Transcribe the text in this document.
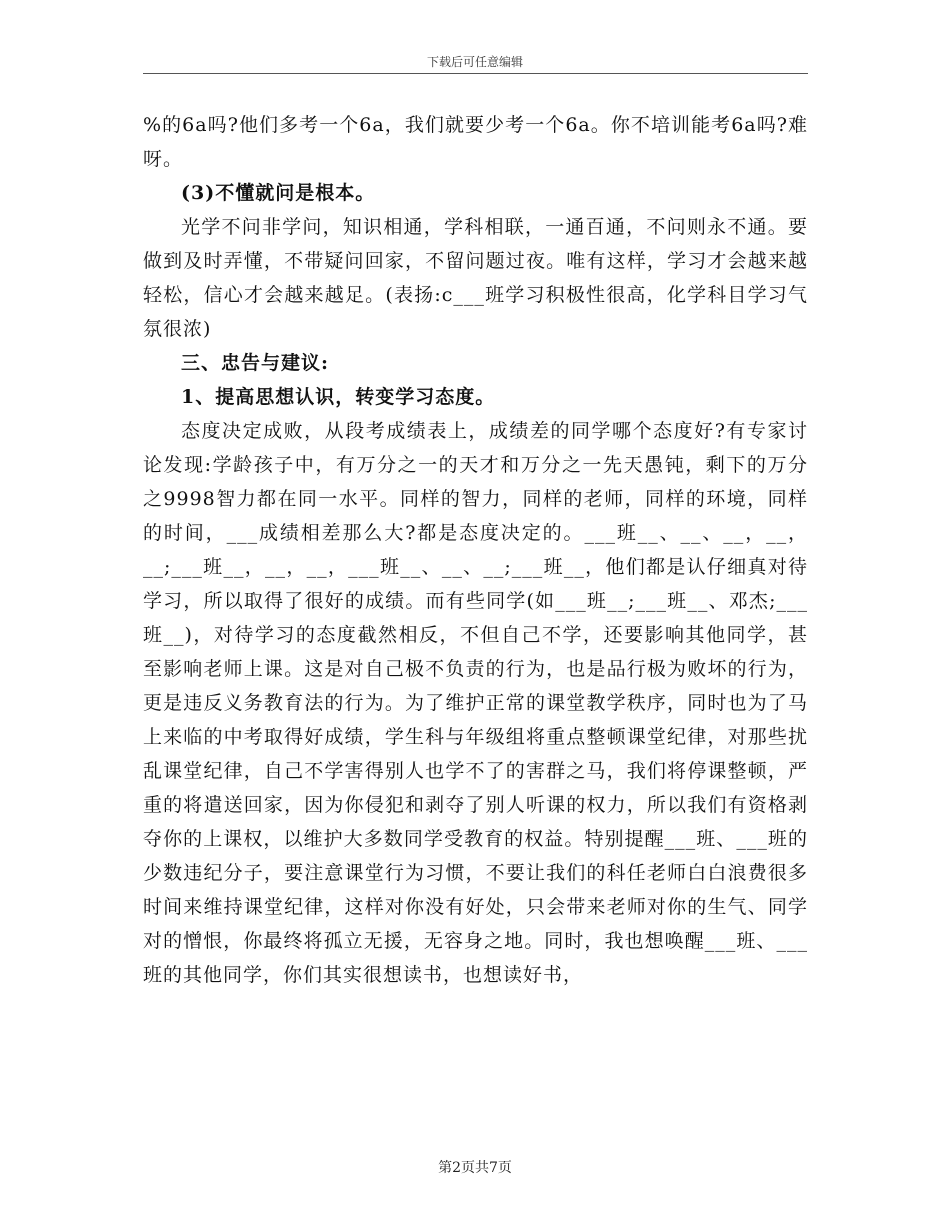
下载后可任意编辑

%的6a吗?他们多考一个6a，我们就要少考一个6a。你不培训能考6a吗?难呀。

(3)不懂就问是根本。

光学不问非学问，知识相通，学科相联，一通百通，不问则永不通。要做到及时弄懂，不带疑问回家，不留问题过夜。唯有这样，学习才会越来越轻松，信心才会越来越足。(表扬:c___班学习积极性很高，化学科目学习气氛很浓)

三、忠告与建议:

1、提高思想认识，转变学习态度。

态度决定成败，从段考成绩表上，成绩差的同学哪个态度好?有专家讨论发现:学龄孩子中，有万分之一的天才和万分之一先天愚钝，剩下的万分之9998智力都在同一水平。同样的智力，同样的老师，同样的环境，同样的时间，___成绩相差那么大?都是态度决定的。___班__、__、__，__，__;___班__，__，__，___班__、__、__;___班__，他们都是认仔细真对待学习，所以取得了很好的成绩。而有些同学(如___班__;___班__、邓杰;___班__)，对待学习的态度截然相反，不但自己不学，还要影响其他同学，甚至影响老师上课。这是对自己极不负责的行为，也是品行极为败坏的行为，更是违反义务教育法的行为。为了维护正常的课堂教学秩序，同时也为了马上来临的中考取得好成绩，学生科与年级组将重点整顿课堂纪律，对那些扰乱课堂纪律，自己不学害得别人也学不了的害群之马，我们将停课整顿，严重的将遣送回家，因为你侵犯和剥夺了别人听课的权力，所以我们有资格剥夺你的上课权，以维护大多数同学受教育的权益。特别提醒___班、___班的少数违纪分子，要注意课堂行为习惯，不要让我们的科任老师白白浪费很多时间来维持课堂纪律，这样对你没有好处，只会带来老师对你的生气、同学对的憎恨，你最终将孤立无援，无容身之地。同时，我也想唤醒___班、___班的其他同学，你们其实很想读书，也想读好书，

第2页共7页
